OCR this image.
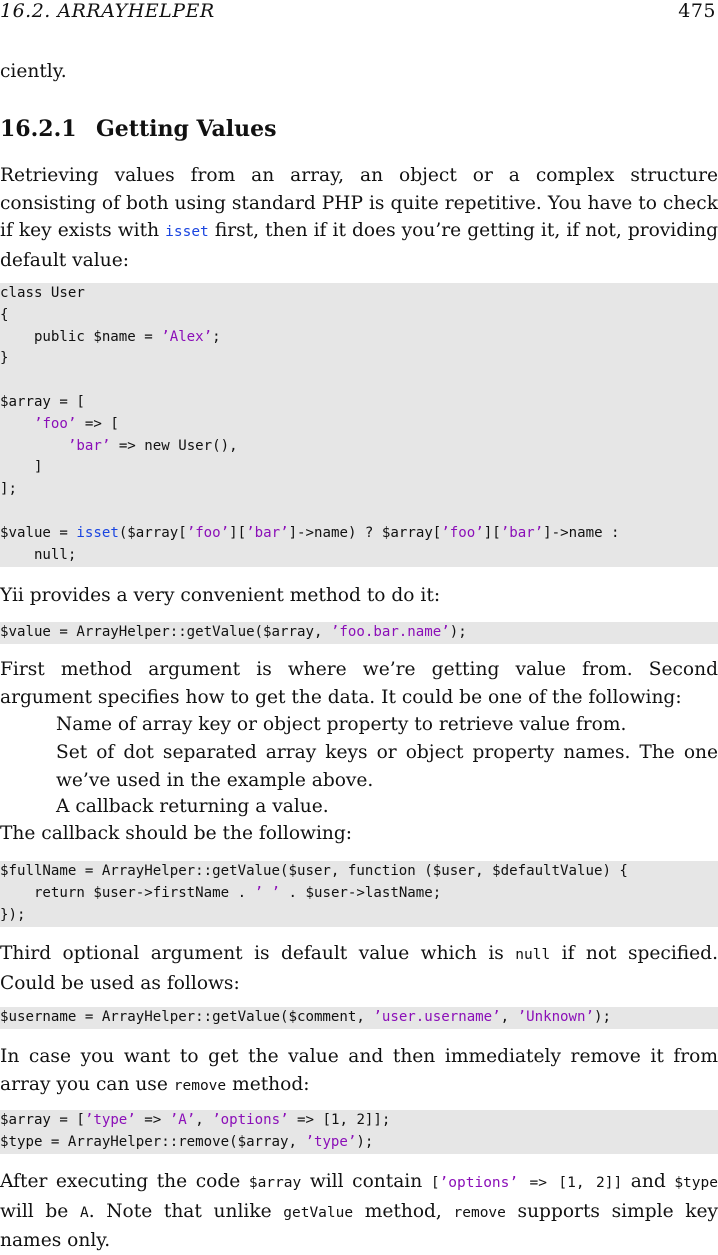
16.2. ARRAYHELPER	475

ciently.

16.2.1 Getting Values

Retrieving values from an array, an object or a complex structure consisting of both using standard PHP is quite repetitive. You have to check if key exists with isset first, then if it does you’re getting it, if not, providing default value:

class User
{
public $name = ’Alex’;
}

$array = [
’foo’ => [
’bar’ => new User(),
]
];

$value = isset($array[’foo’][’bar’]->name) ? $array[’foo’][’bar’]->name :
null;

Yii provides a very convenient method to do it:

$value = ArrayHelper::getValue($array, ’foo.bar.name’);

First method argument is where we’re getting value from. Second argument specifies how to get the data. It could be one of the following:

Name of array key or object property to retrieve value from.
Set of dot separated array keys or object property names. The one we’ve used in the example above.
A callback returning a value.

The callback should be the following:

$fullName = ArrayHelper::getValue($user, function ($user, $defaultValue) {
return $user->firstName . ’ ’ . $user->lastName;
});

Third optional argument is default value which is null if not specified. Could be used as follows:

$username = ArrayHelper::getValue($comment, ’user.username’, ’Unknown’);

In case you want to get the value and then immediately remove it from array you can use remove method:

$array = [’type’ => ’A’, ’options’ => [1, 2]];
$type = ArrayHelper::remove($array, ’type’);

After executing the code $array will contain [’options’ => [1, 2]] and $type will be A. Note that unlike getValue method, remove supports simple key names only.
